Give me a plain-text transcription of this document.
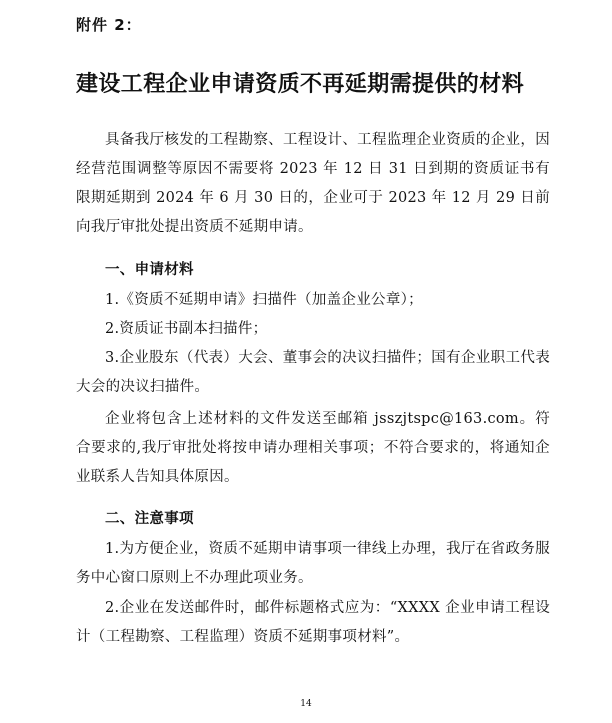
附件 2：
建设工程企业申请资质不再延期需提供的材料

具备我厅核发的工程勘察、工程设计、工程监理企业资质的企业，因经营范围调整等原因不需要将 2023 年 12 日 31 日到期的资质证书有限期延期到 2024 年 6 月 30 日的，企业可于 2023 年 12 月 29 日前向我厅审批处提出资质不延期申请。

一、申请材料

1.《资质不延期申请》扫描件（加盖企业公章）；

2.资质证书副本扫描件；

3.企业股东（代表）大会、董事会的决议扫描件；国有企业职工代表大会的决议扫描件。

企业将包含上述材料的文件发送至邮箱 jsszjtspc@163.com。符合要求的,我厅审批处将按申请办理相关事项；不符合要求的，将通知企业联系人告知具体原因。

二、注意事项

1.为方便企业，资质不延期申请事项一律线上办理，我厅在省政务服务中心窗口原则上不办理此项业务。

2.企业在发送邮件时，邮件标题格式应为：“XXXX 企业申请工程设计（工程勘察、工程监理）资质不延期事项材料”。

14
